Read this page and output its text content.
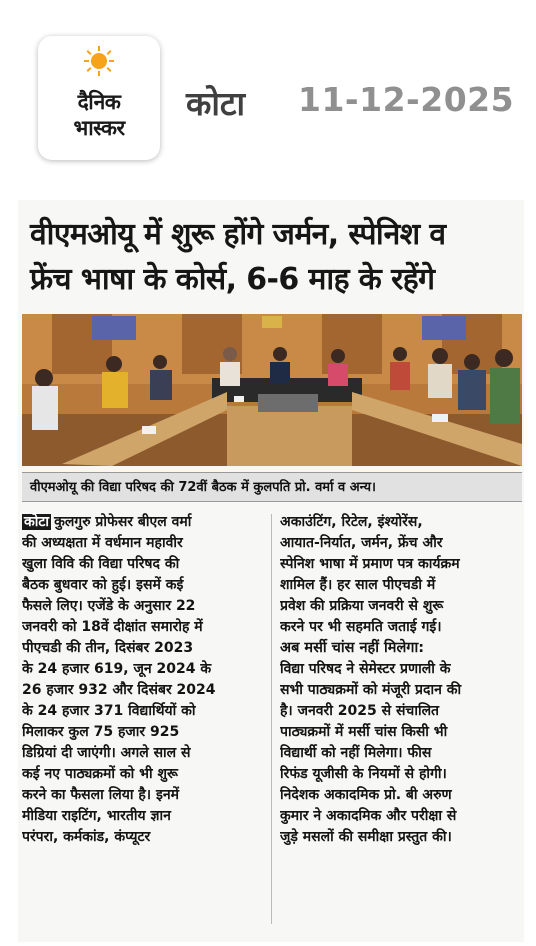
दैनिक
भास्कर
कोटा 11-12-2025
वीएमओयू में शुरू होंगे जर्मन, स्पेनिश व
फ्रेंच भाषा के कोर्स, 6-6 माह के रहेंगे
वीएमओयू की विद्या परिषद की 72वीं बैठक में कुलपति प्रो. वर्मा व अन्य।
कोटा कुलगुरु प्रोफेसर बीएल वर्मा
की अध्यक्षता में वर्धमान महावीर
खुला विवि की विद्या परिषद की
बैठक बुधवार को हुई। इसमें कई
फैसले लिए। एजेंडे के अनुसार 22
जनवरी को 18वें दीक्षांत समारोह में
पीएचडी की तीन, दिसंबर 2023
के 24 हजार 619, जून 2024 के
26 हजार 932 और दिसंबर 2024
के 24 हजार 371 विद्यार्थियों को
मिलाकर कुल 75 हजार 925
डिग्रियां दी जाएंगी। अगले साल से
कई नए पाठ्यक्रमों को भी शुरू
करने का फैसला लिया है। इनमें
मीडिया राइटिंग, भारतीय ज्ञान
परंपरा, कर्मकांड, कंप्यूटर
अकाउंटिंग, रिटेल, इंश्योरेंस,
आयात-निर्यात, जर्मन, फ्रेंच और
स्पेनिश भाषा में प्रमाण पत्र कार्यक्रम
शामिल हैं। हर साल पीएचडी में
प्रवेश की प्रक्रिया जनवरी से शुरू
करने पर भी सहमति जताई गई।
अब मर्सी चांस नहीं मिलेगा:
विद्या परिषद ने सेमेस्टर प्रणाली के
सभी पाठ्यक्रमों को मंजूरी प्रदान की
है। जनवरी 2025 से संचालित
पाठ्यक्रमों में मर्सी चांस किसी भी
विद्यार्थी को नहीं मिलेगा। फीस
रिफंड यूजीसी के नियमों से होगी।
निदेशक अकादमिक प्रो. बी अरुण
कुमार ने अकादमिक और परीक्षा से
जुड़े मसलों की समीक्षा प्रस्तुत की।
